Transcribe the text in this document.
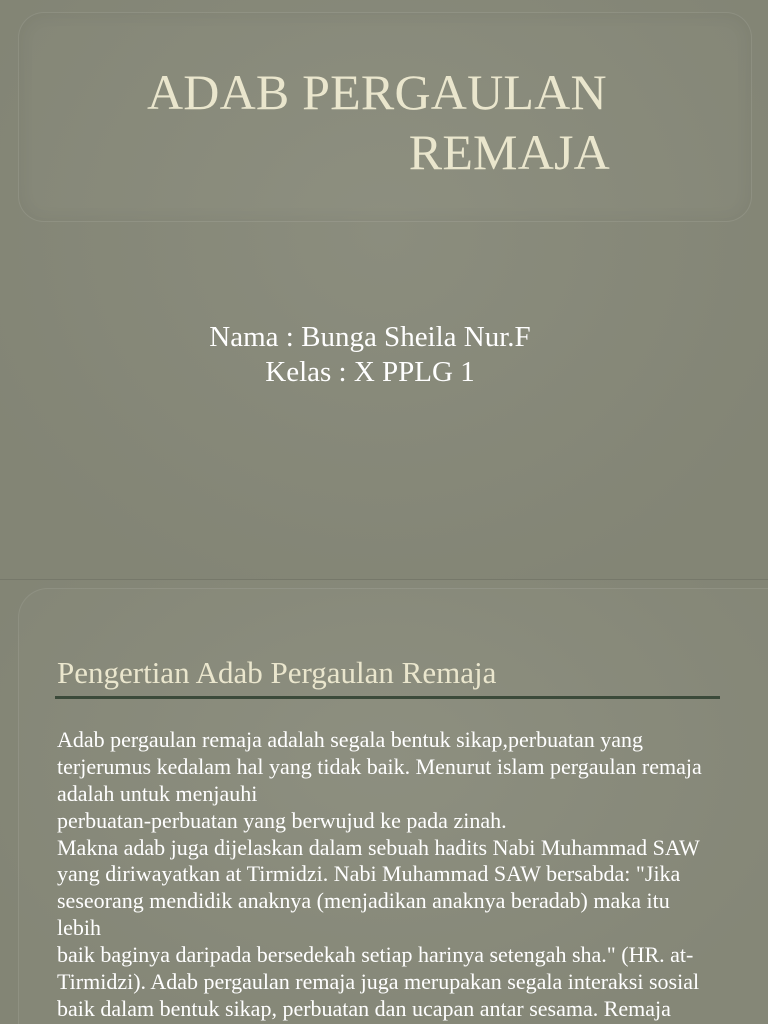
ADAB PERGAULAN
REMAJA
Nama : Bunga Sheila Nur.F
Kelas : X PPLG 1
Pengertian Adab Pergaulan Remaja
Adab pergaulan remaja adalah segala bentuk sikap,perbuatan yang
terjerumus kedalam hal yang tidak baik. Menurut islam pergaulan remaja
adalah untuk menjauhi
perbuatan-perbuatan yang berwujud ke pada zinah.
Makna adab juga dijelaskan dalam sebuah hadits Nabi Muhammad SAW
yang diriwayatkan at Tirmidzi. Nabi Muhammad SAW bersabda: "Jika
seseorang mendidik anaknya (menjadikan anaknya beradab) maka itu
lebih
baik baginya daripada bersedekah setiap harinya setengah sha." (HR. at-
Tirmidzi). Adab pergaulan remaja juga merupakan segala interaksi sosial
baik dalam bentuk sikap, perbuatan dan ucapan antar sesama. Remaja
